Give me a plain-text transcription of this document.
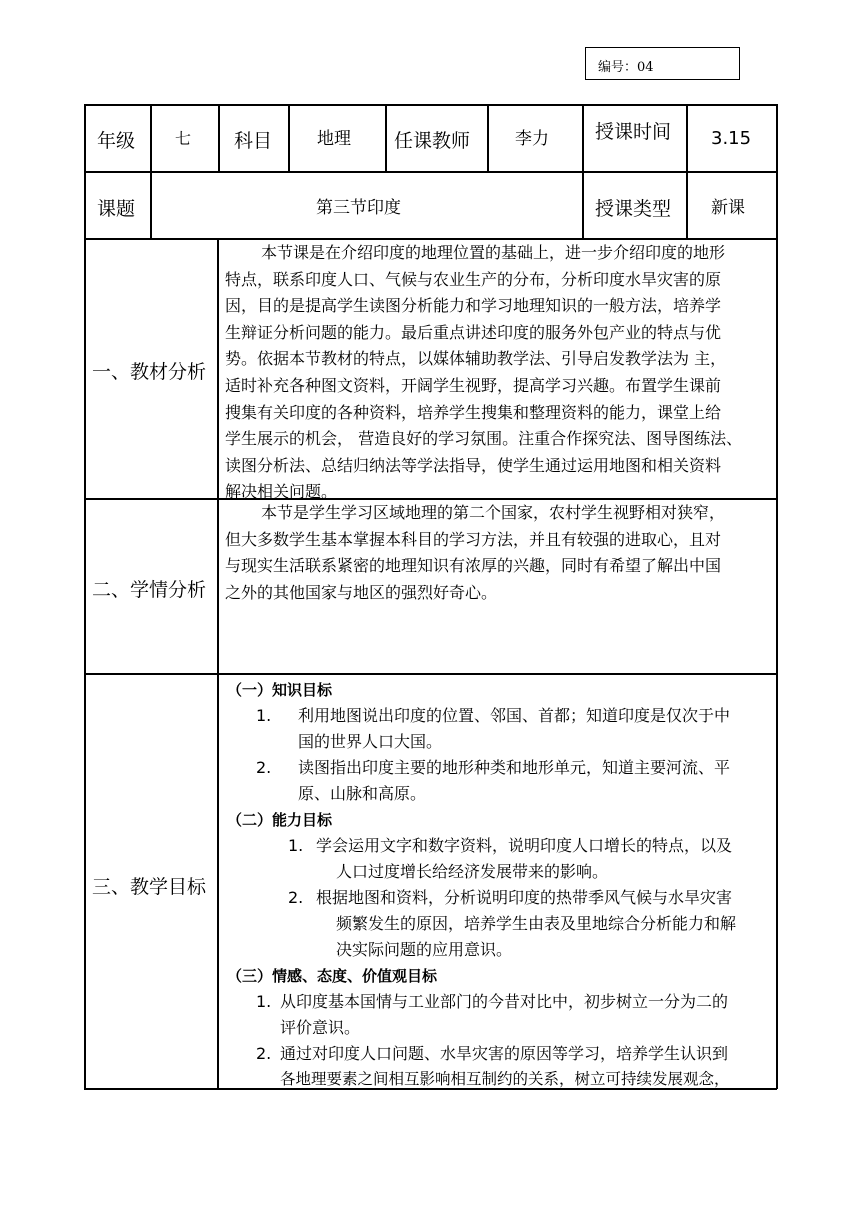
编号：04
年级 七 科目	地理 任课教师	李力 授课时间 3.15
课题	第三节印度	授课类型 新课
一、教材分析
本节课是在介绍印度的地理位置的基础上，进一步介绍印度的地形
特点，联系印度人口、气候与农业生产的分布，分析印度水旱灾害的原
因，目的是提高学生读图分析能力和学习地理知识的一般方法，培养学
生辩证分析问题的能力。最后重点讲述印度的服务外包产业的特点与优
势。依据本节教材的特点，以媒体辅助教学法、引导启发教学法为 主，
适时补充各种图文资料，开阔学生视野，提高学习兴趣。布置学生课前
搜集有关印度的各种资料，培养学生搜集和整理资料的能力，课堂上给
学生展示的机会， 营造良好的学习氛围。注重合作探究法、图导图练法、
读图分析法、总结归纳法等学法指导，使学生通过运用地图和相关资料
解决相关问题。
二、学情分析
本节是学生学习区域地理的第二个国家，农村学生视野相对狭窄，
但大多数学生基本掌握本科目的学习方法，并且有较强的进取心，且对
与现实生活联系紧密的地理知识有浓厚的兴趣，同时有希望了解出中国
之外的其他国家与地区的强烈好奇心。
三、教学目标
（一）知识目标
1. 利用地图说出印度的位置、邻国、首都；知道印度是仅次于中
国的世界人口大国。
2. 读图指出印度主要的地形种类和地形单元，知道主要河流、平
原、山脉和高原。
（二）能力目标
1. 学会运用文字和数字资料，说明印度人口增长的特点，以及
人口过度增长给经济发展带来的影响。
2. 根据地图和资料，分析说明印度的热带季风气候与水旱灾害
频繁发生的原因，培养学生由表及里地综合分析能力和解
决实际问题的应用意识。
（三）情感、态度、价值观目标
1. 从印度基本国情与工业部门的今昔对比中，初步树立一分为二的
评价意识。
2. 通过对印度人口问题、水旱灾害的原因等学习，培养学生认识到
各地理要素之间相互影响相互制约的关系，树立可持续发展观念，
